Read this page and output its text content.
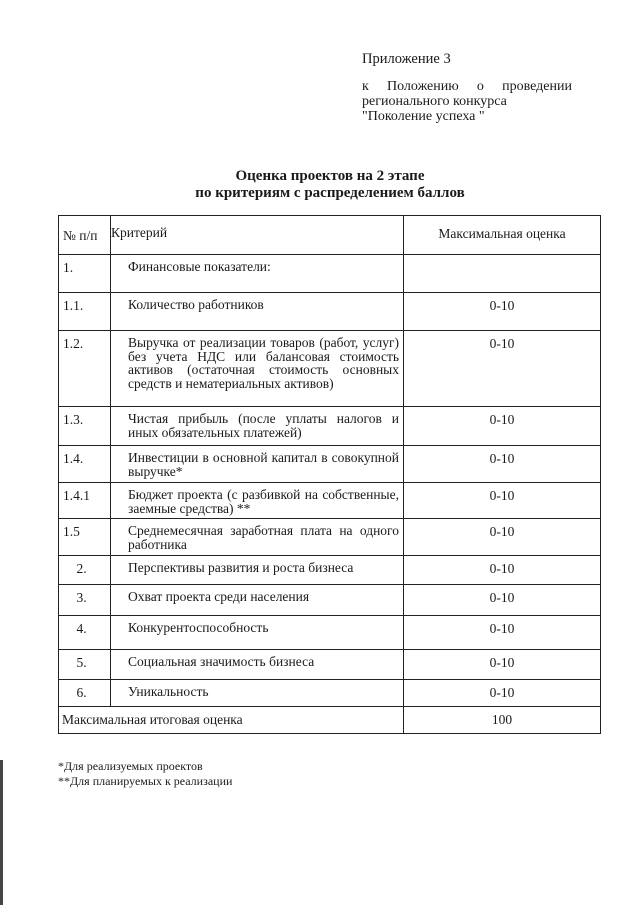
Приложение 3
к Положению о проведении
регионального конкурса
"Поколение успеха "
Оценка проектов на 2 этапе
по критериям с распределением баллов
№ п/п	Критерий	Максимальная оценка

1.	Финансовые показатели:	

1.1.	Количество работников	0-10

1.2.	Выручка от реализации товаров (работ, услуг) без учета НДС или балансовая стоимость активов (остаточная стоимость основных средств и нематериальных активов)	0-10

1.3.	Чистая прибыль (после уплаты налогов и иных обязательных платежей)	0-10

1.4.	Инвестиции в основной капитал в совокупной выручке*	0-10

1.4.1	Бюджет проекта (с разбивкой на собственные, заемные средства) **	0-10

1.5	Среднемесячная заработная плата на одного работника	0-10

2.	Перспективы развития и роста бизнеса	0-10

3.	Охват проекта среди населения	0-10

4.	Конкурентоспособность	0-10

5.	Социальная значимость бизнеса	0-10

6.	Уникальность	0-10

Максимальная итоговая оценка		100
*Для реализуемых проектов
**Для планируемых к реализации
